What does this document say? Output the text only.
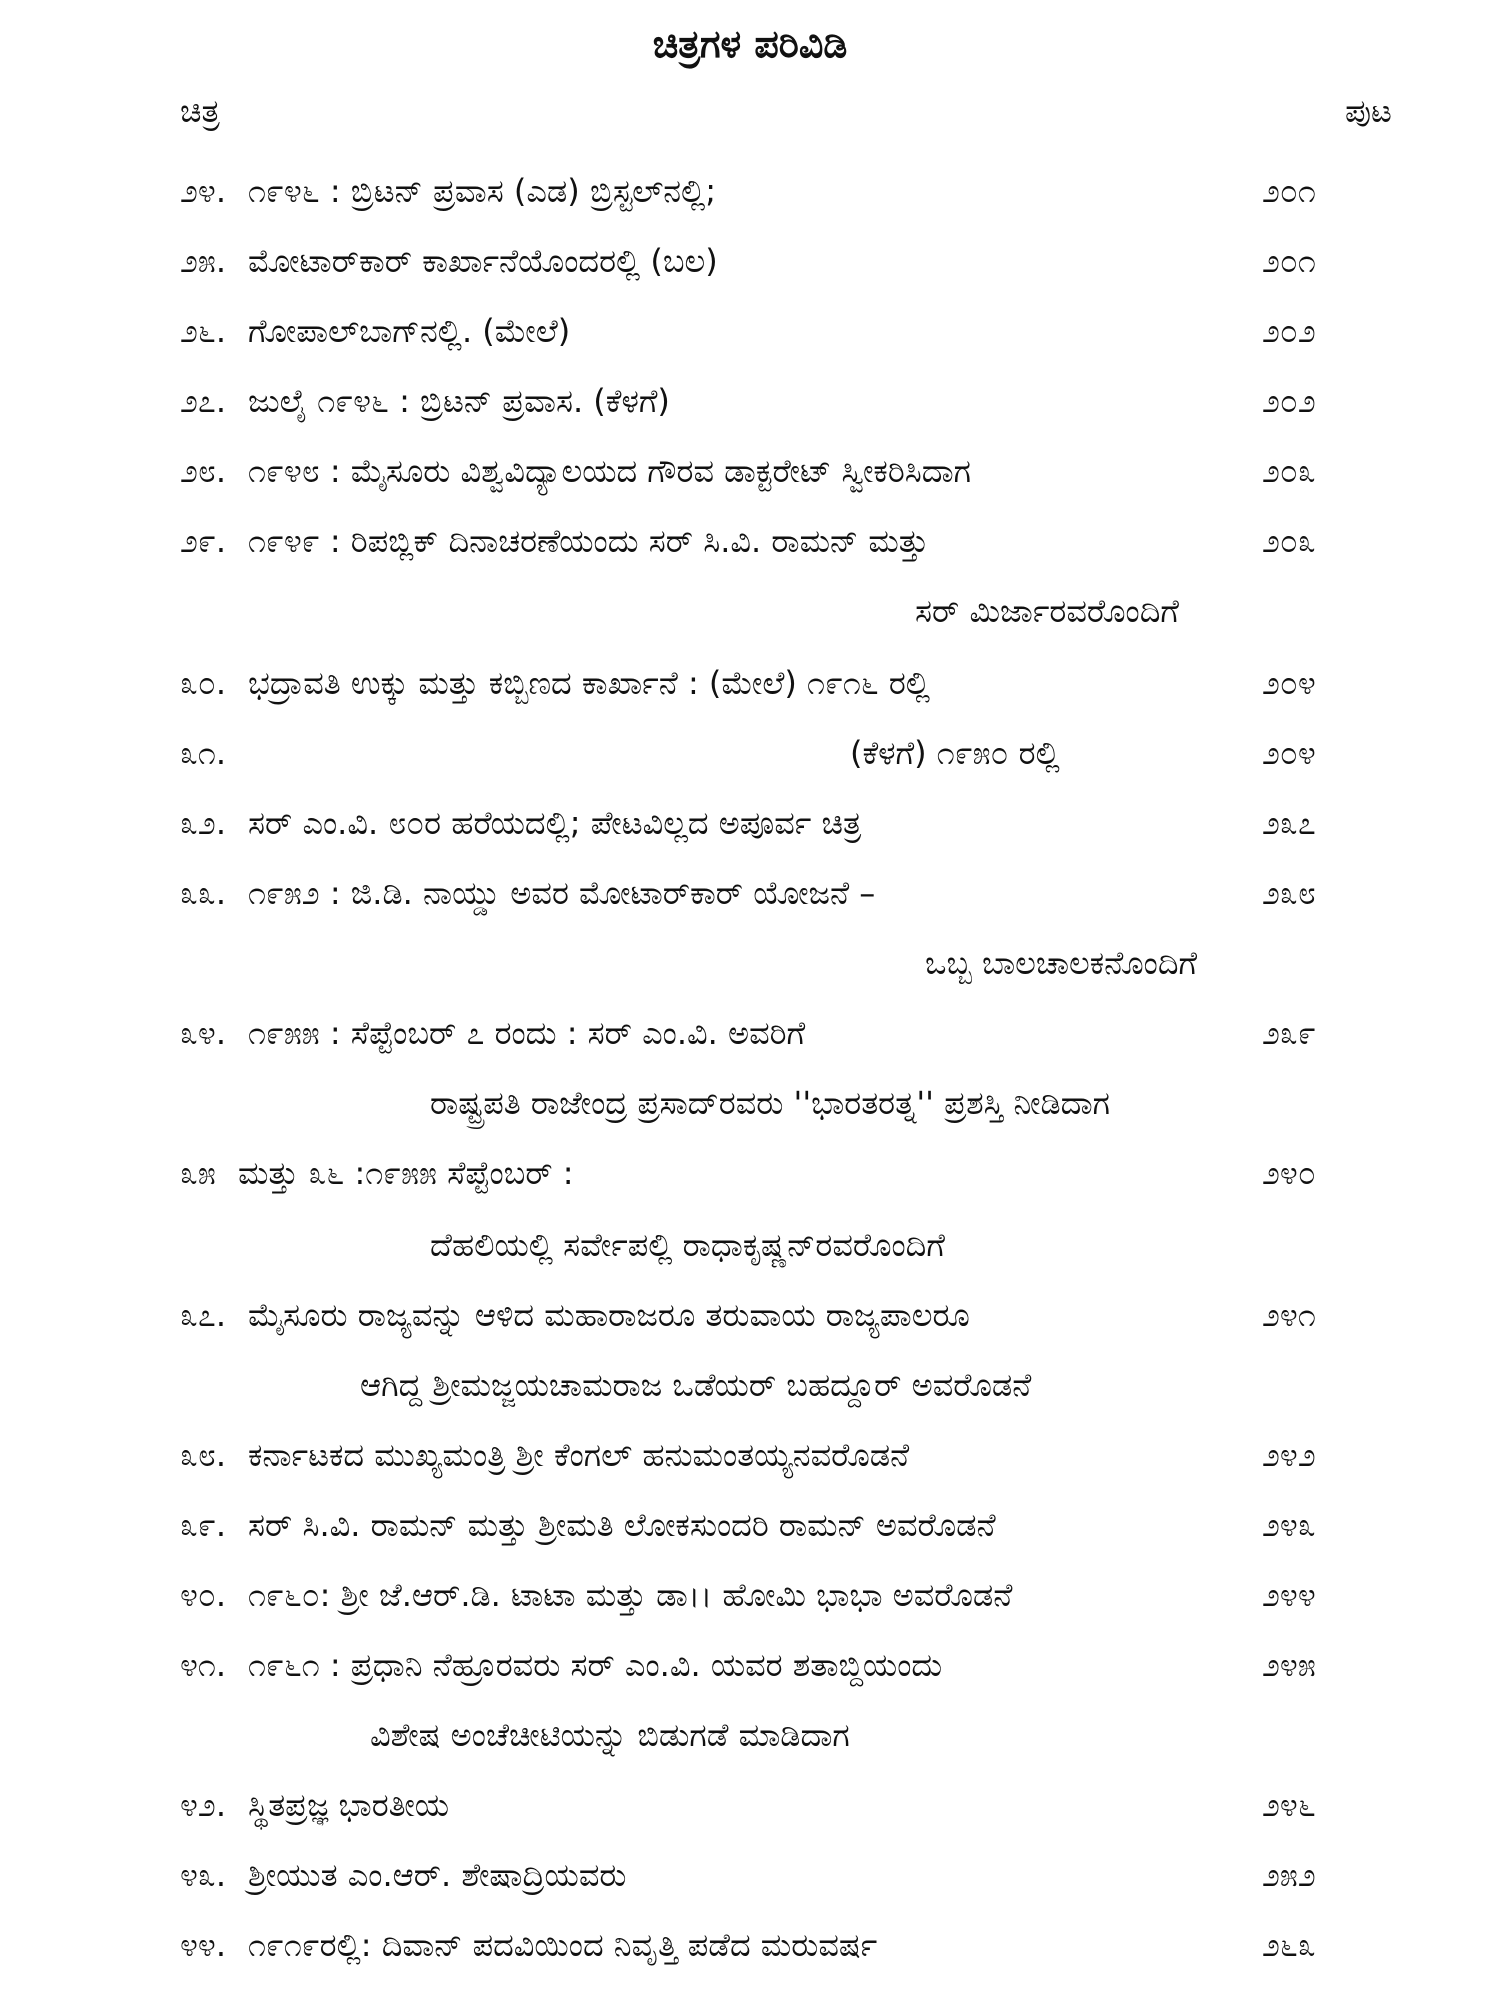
ಚಿತ್ರಗಳ ಪರಿವಿಡಿ
ಚಿತ್ರ	ಪುಟ
೨೪. ೧೯೪೬ : ಬ್ರಿಟನ್ ಪ್ರವಾಸ (ಎಡ) ಬ್ರಿಸ್ಟಲ್‌ನಲ್ಲಿ;	೨೦೧
೨೫. ಮೋಟಾರ್‌ಕಾರ್ ಕಾರ್ಖಾನೆಯೊಂದರಲ್ಲಿ (ಬಲ)	೨೦೧
೨೬. ಗೋಪಾಲ್‌ಬಾಗ್‌ನಲ್ಲಿ. (ಮೇಲೆ)	೨೦೨
೨೭. ಜುಲೈ ೧೯೪೬ : ಬ್ರಿಟನ್ ಪ್ರವಾಸ. (ಕೆಳಗೆ)	೨೦೨
೨೮. ೧೯೪೮ : ಮೈಸೂರು ವಿಶ್ವವಿದ್ಯಾಲಯದ ಗೌರವ ಡಾಕ್ಟರೇಟ್ ಸ್ವೀಕರಿಸಿದಾಗ	೨೦೩
೨೯. ೧೯೪೯ : ರಿಪಬ್ಲಿಕ್ ದಿನಾಚರಣೆಯಂದು ಸರ್ ಸಿ.ವಿ. ರಾಮನ್ ಮತ್ತು	೨೦೩
ಸರ್ ಮಿರ್ಜಾರವರೊಂದಿಗೆ
೩೦. ಭದ್ರಾವತಿ ಉಕ್ಕು ಮತ್ತು ಕಬ್ಬಿಣದ ಕಾರ್ಖಾನೆ : (ಮೇಲೆ) ೧೯೧೬ ರಲ್ಲಿ	೨೦೪
೩೧.	(ಕೆಳಗೆ) ೧೯೫೦ ರಲ್ಲಿ	೨೦೪
೩೨. ಸರ್ ಎಂ.ವಿ. ೮೦ರ ಹರೆಯದಲ್ಲಿ; ಪೇಟವಿಲ್ಲದ ಅಪೂರ್ವ ಚಿತ್ರ	೨೩೭
೩೩. ೧೯೫೨ : ಜಿ.ಡಿ. ನಾಯ್ಡು ಅವರ ಮೋಟಾರ್‌ಕಾರ್ ಯೋಜನೆ –	೨೩೮
ಒಬ್ಬ ಬಾಲಚಾಲಕನೊಂದಿಗೆ
೩೪. ೧೯೫೫ : ಸೆಪ್ಟೆಂಬರ್ ೭ ರಂದು : ಸರ್ ಎಂ.ವಿ. ಅವರಿಗೆ	೨೩೯
ರಾಷ್ಟ್ರಪತಿ ರಾಜೇಂದ್ರ ಪ್ರಸಾದ್‌ರವರು ''ಭಾರತರತ್ನ'' ಪ್ರಶಸ್ತಿ ನೀಡಿದಾಗ
೩೫ ಮತ್ತು ೩೬ :೧೯೫೫ ಸೆಪ್ಟೆಂಬರ್ :	೨೪೦
ದೆಹಲಿಯಲ್ಲಿ ಸರ್ವೇಪಲ್ಲಿ ರಾಧಾಕೃಷ್ಣನ್‌ರವರೊಂದಿಗೆ
೩೭. ಮೈಸೂರು ರಾಜ್ಯವನ್ನು ಆಳಿದ ಮಹಾರಾಜರೂ ತರುವಾಯ ರಾಜ್ಯಪಾಲರೂ	೨೪೧
ಆಗಿದ್ದ ಶ್ರೀಮಜ್ಜಯಚಾಮರಾಜ ಒಡೆಯರ್ ಬಹದ್ದೂರ್ ಅವರೊಡನೆ
೩೮. ಕರ್ನಾಟಕದ ಮುಖ್ಯಮಂತ್ರಿ ಶ್ರೀ ಕೆಂಗಲ್ ಹನುಮಂತಯ್ಯನವರೊಡನೆ	೨೪೨
೩೯. ಸರ್ ಸಿ.ವಿ. ರಾಮನ್ ಮತ್ತು ಶ್ರೀಮತಿ ಲೋಕಸುಂದರಿ ರಾಮನ್ ಅವರೊಡನೆ	೨೪೩
೪೦. ೧೯೬೦: ಶ್ರೀ ಜೆ.ಆರ್.ಡಿ. ಟಾಟಾ ಮತ್ತು ಡಾ।। ಹೋಮಿ ಭಾಭಾ ಅವರೊಡನೆ	೨೪೪
೪೧. ೧೯೬೧ : ಪ್ರಧಾನಿ ನೆಹ್ರೂರವರು ಸರ್ ಎಂ.ವಿ. ಯವರ ಶತಾಬ್ದಿಯಂದು	೨೪೫
ವಿಶೇಷ ಅಂಚೆಚೀಟಿಯನ್ನು ಬಿಡುಗಡೆ ಮಾಡಿದಾಗ
೪೨. ಸ್ಥಿತಪ್ರಜ್ಞ ಭಾರತೀಯ	೨೪೬
೪೩. ಶ್ರೀಯುತ ಎಂ.ಆರ್. ಶೇಷಾದ್ರಿಯವರು	೨೫೨
೪೪. ೧೯೧೯ರಲ್ಲಿ: ದಿವಾನ್ ಪದವಿಯಿಂದ ನಿವೃತ್ತಿ ಪಡೆದ ಮರುವರ್ಷ	೨೬೩
